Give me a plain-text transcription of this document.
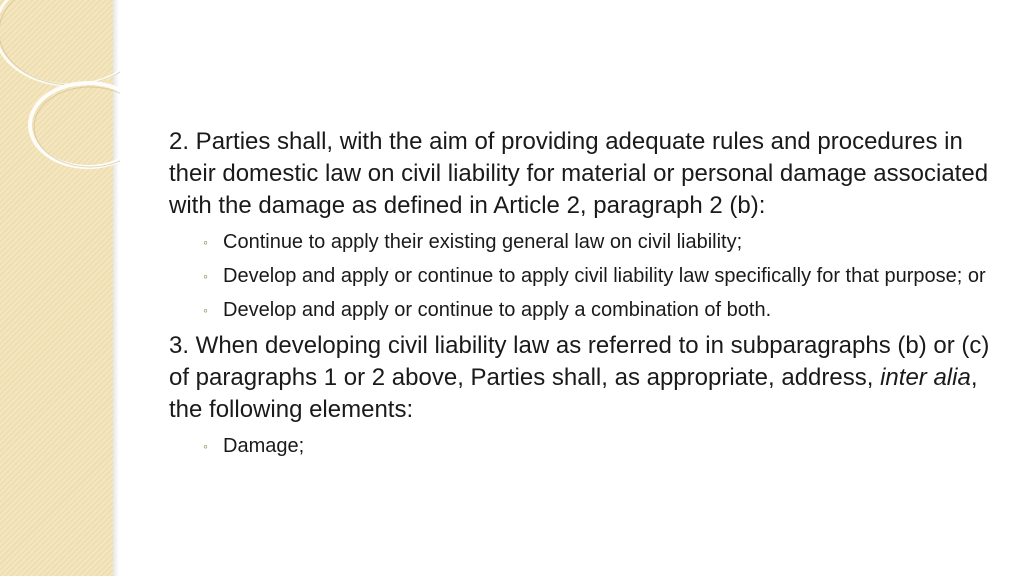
2. Parties shall, with the aim of providing adequate rules and procedures in their domestic law on civil liability for material or personal damage associated with the damage as defined in Article 2, paragraph 2 (b):

◦ Continue to apply their existing general law on civil liability;
◦ Develop and apply or continue to apply civil liability law specifically for that purpose; or
◦ Develop and apply or continue to apply a combination of both.

3. When developing civil liability law as referred to in subparagraphs (b) or (c) of paragraphs 1 or 2 above, Parties shall, as appropriate, address, inter alia, the following elements:

◦ Damage;
